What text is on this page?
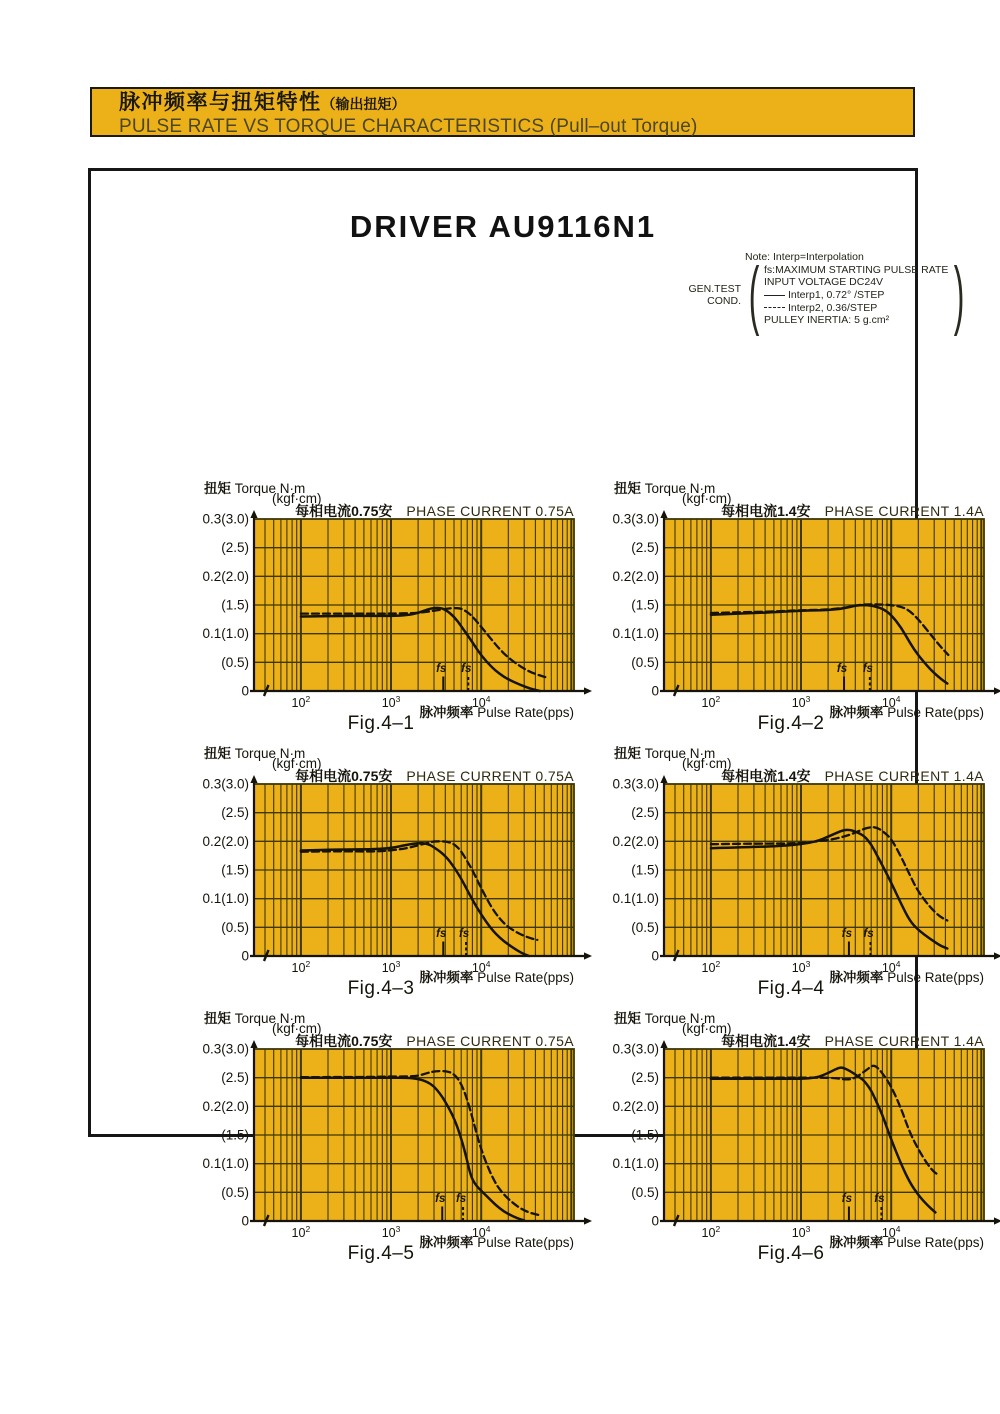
脉冲频率与扭矩特性（输出扭矩）
PULSE RATE VS TORQUE CHARACTERISTICS (Pull–out Torque)
DRIVER AU9116N1
Note: Interp=Interpolation
GEN.TEST COND. ( fs:MAXIMUM STARTING PULSE RATE
INPUT VOLTAGE DC24V
Interp1, 0.72° /STEP
Interp2, 0.36/STEP
PULLEY INERTIA: 5 g.cm² )
扭矩 Torque N·m
(kgf·cm)
每相电流0.75安 PHASE CURRENT 0.75A
fs fs
0.3(3.0)
(2.5)
0.2(2.0)
(1.5)
0.1(1.0)
(0.5)
0
$10^2$	$10^3$	$10^4$
脉冲频率 Pulse Rate(pps)
Fig.4–1
扭矩 Torque N·m
(kgf·cm)
每相电流1.4安 PHASE CURRENT 1.4A
fs fs
0.3(3.0)
(2.5)
0.2(2.0)
(1.5)
0.1(1.0)
(0.5)
0
$10^2$	$10^3$	$10^4$
脉冲频率 Pulse Rate(pps)
Fig.4–2
扭矩 Torque N·m
(kgf·cm)
每相电流0.75安 PHASE CURRENT 0.75A
fs fs
0.3(3.0)
(2.5)
0.2(2.0)
(1.5)
0.1(1.0)
(0.5)
0
$10^2$	$10^3$	$10^4$
脉冲频率 Pulse Rate(pps)
Fig.4–3
扭矩 Torque N·m
(kgf·cm)
每相电流1.4安 PHASE CURRENT 1.4A
fs fs
0.3(3.0)
(2.5)
0.2(2.0)
(1.5)
0.1(1.0)
(0.5)
0
$10^2$	$10^3$	$10^4$
脉冲频率 Pulse Rate(pps)
Fig.4–4
扭矩 Torque N·m
(kgf·cm)
每相电流0.75安 PHASE CURRENT 0.75A
fs fs
0.3(3.0)
(2.5)
0.2(2.0)
(1.5)
0.1(1.0)
(0.5)
0
$10^2$	$10^3$	$10^4$
脉冲频率 Pulse Rate(pps)
Fig.4–5
扭矩 Torque N·m
(kgf·cm)
每相电流1.4安 PHASE CURRENT 1.4A
fs fs
0.3(3.0)
(2.5)
0.2(2.0)
(1.5)
0.1(1.0)
(0.5)
0
$10^2$	$10^3$	$10^4$
脉冲频率 Pulse Rate(pps)
Fig.4–6
